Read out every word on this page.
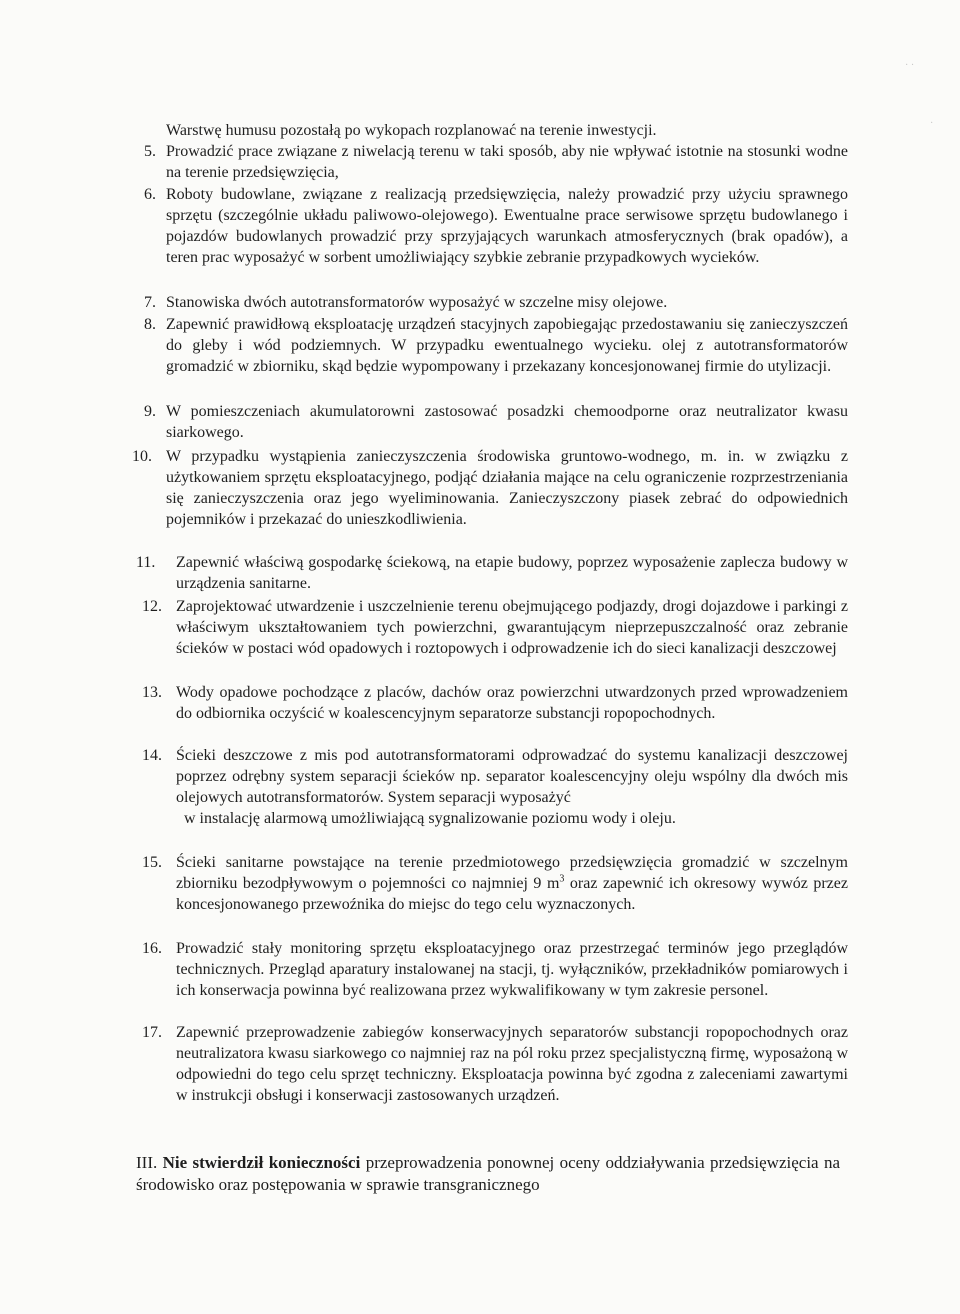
· ·
·
Warstwę humusu pozostałą po wykopach rozplanować na terenie inwestycji.
5. Prowadzić prace związane z niwelacją terenu w taki sposób, aby nie wpływać istotnie na stosunki wodne na terenie przedsięwzięcia,
6. Roboty budowlane, związane z realizacją przedsięwzięcia, należy prowadzić przy użyciu sprawnego sprzętu (szczególnie układu paliwowo-olejowego). Ewentualne prace serwisowe sprzętu budowlanego i pojazdów budowlanych prowadzić przy sprzyjających warunkach atmosferycznych (brak opadów), a teren prac wyposażyć w sorbent umożliwiający szybkie zebranie przypadkowych wycieków.
7. Stanowiska dwóch autotransformatorów wyposażyć w szczelne misy olejowe.
8. Zapewnić prawidłową eksploatację urządzeń stacyjnych zapobiegając przedostawaniu się zanieczyszczeń do gleby i wód podziemnych. W przypadku ewentualnego wycieku. olej z autotransformatorów gromadzić w zbiorniku, skąd będzie wypompowany i przekazany koncesjonowanej firmie do utylizacji.
9. W pomieszczeniach akumulatorowni zastosować posadzki chemoodporne oraz neutralizator kwasu siarkowego.
10. W przypadku wystąpienia zanieczyszczenia środowiska gruntowo-wodnego, m. in. w związku z użytkowaniem sprzętu eksploatacyjnego, podjąć działania mające na celu ograniczenie rozprzestrzeniania się zanieczyszczenia oraz jego wyeliminowania. Zanieczyszczony piasek zebrać do odpowiednich pojemników i przekazać do unieszkodliwienia.
11. Zapewnić właściwą gospodarkę ściekową, na etapie budowy, poprzez wyposażenie zaplecza budowy w urządzenia sanitarne.
12. Zaprojektować utwardzenie i uszczelnienie terenu obejmującego podjazdy, drogi dojazdowe i parkingi z właściwym ukształtowaniem tych powierzchni, gwarantującym nieprzepuszczalność oraz zebranie ścieków w postaci wód opadowych i roztopowych i odprowadzenie ich do sieci kanalizacji deszczowej
13. Wody opadowe pochodzące z placów, dachów oraz powierzchni utwardzonych przed wprowadzeniem do odbiornika oczyścić w koalescencyjnym separatorze substancji ropopochodnych.
14. Ścieki deszczowe z mis pod autotransformatorami odprowadzać do systemu kanalizacji deszczowej poprzez odrębny system separacji ścieków np. separator koalescencyjny oleju wspólny dla dwóch mis olejowych autotransformatorów. System separacji wyposażyć
w instalację alarmową umożliwiającą sygnalizowanie poziomu wody i oleju.
15. Ścieki sanitarne powstające na terenie przedmiotowego przedsięwzięcia gromadzić w szczelnym zbiorniku bezodpływowym o pojemności co najmniej 9 $m^3$ oraz zapewnić ich okresowy wywóz przez koncesjonowanego przewoźnika do miejsc do tego celu wyznaczonych.
16. Prowadzić stały monitoring sprzętu eksploatacyjnego oraz przestrzegać terminów jego przeglądów technicznych. Przegląd aparatury instalowanej na stacji, tj. wyłączników, przekładników pomiarowych i ich konserwacja powinna być realizowana przez wykwalifikowany w tym zakresie personel.
17. Zapewnić przeprowadzenie zabiegów konserwacyjnych separatorów substancji ropopochodnych oraz neutralizatora kwasu siarkowego co najmniej raz na pól roku przez specjalistyczną firmę, wyposażoną w odpowiedni do tego celu sprzęt techniczny. Eksploatacja powinna być zgodna z zaleceniami zawartymi w instrukcji obsługi i konserwacji zastosowanych urządzeń.
III. Nie stwierdził konieczności przeprowadzenia ponownej oceny oddziaływania przedsięwzięcia na środowisko oraz postępowania w sprawie transgranicznego
